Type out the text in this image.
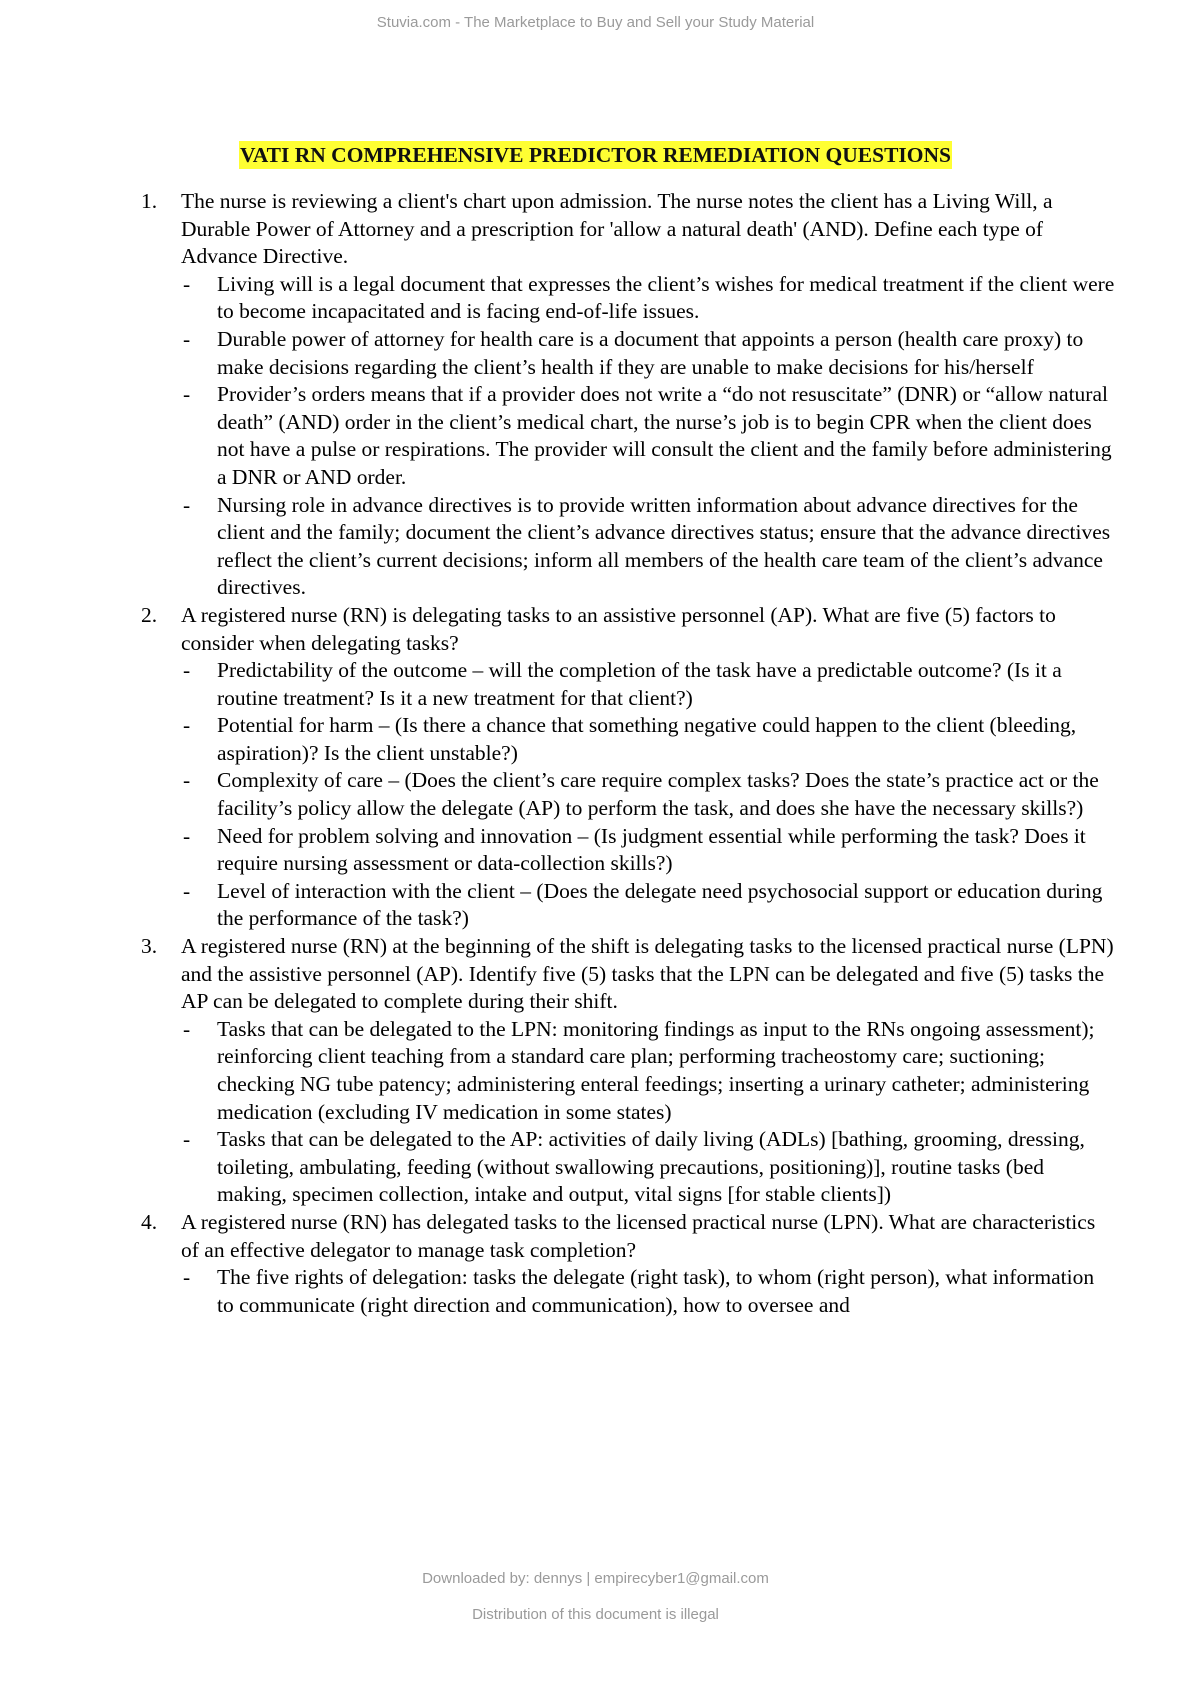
Stuvia.com - The Marketplace to Buy and Sell your Study Material
VATI RN COMPREHENSIVE PREDICTOR REMEDIATION QUESTIONS
1. The nurse is reviewing a client's chart upon admission. The nurse notes the client has a Living Will, a Durable Power of Attorney and a prescription for 'allow a natural death' (AND). Define each type of Advance Directive.
- Living will is a legal document that expresses the client’s wishes for medical treatment if the client were to become incapacitated and is facing end-of-life issues.
- Durable power of attorney for health care is a document that appoints a person (health care proxy) to make decisions regarding the client’s health if they are unable to make decisions for his/herself
- Provider’s orders means that if a provider does not write a “do not resuscitate” (DNR) or “allow natural death” (AND) order in the client’s medical chart, the nurse’s job is to begin CPR when the client does not have a pulse or respirations. The provider will consult the client and the family before administering a DNR or AND order.
- Nursing role in advance directives is to provide written information about advance directives for the client and the family; document the client’s advance directives status; ensure that the advance directives reflect the client’s current decisions; inform all members of the health care team of the client’s advance directives.
2. A registered nurse (RN) is delegating tasks to an assistive personnel (AP). What are five (5) factors to consider when delegating tasks?
- Predictability of the outcome – will the completion of the task have a predictable outcome? (Is it a routine treatment? Is it a new treatment for that client?)
- Potential for harm – (Is there a chance that something negative could happen to the client (bleeding, aspiration)? Is the client unstable?)
- Complexity of care – (Does the client’s care require complex tasks? Does the state’s practice act or the facility’s policy allow the delegate (AP) to perform the task, and does she have the necessary skills?)
- Need for problem solving and innovation – (Is judgment essential while performing the task? Does it require nursing assessment or data-collection skills?)
- Level of interaction with the client – (Does the delegate need psychosocial support or education during the performance of the task?)
3. A registered nurse (RN) at the beginning of the shift is delegating tasks to the licensed practical nurse (LPN) and the assistive personnel (AP). Identify five (5) tasks that the LPN can be delegated and five (5) tasks the AP can be delegated to complete during their shift.
- Tasks that can be delegated to the LPN: monitoring findings as input to the RNs ongoing assessment); reinforcing client teaching from a standard care plan; performing tracheostomy care; suctioning; checking NG tube patency; administering enteral feedings; inserting a urinary catheter; administering medication (excluding IV medication in some states)
- Tasks that can be delegated to the AP: activities of daily living (ADLs) [bathing, grooming, dressing, toileting, ambulating, feeding (without swallowing precautions, positioning)], routine tasks (bed making, specimen collection, intake and output, vital signs [for stable clients])
4. A registered nurse (RN) has delegated tasks to the licensed practical nurse (LPN). What are characteristics of an effective delegator to manage task completion?
- The five rights of delegation: tasks the delegate (right task), to whom (right person), what information to communicate (right direction and communication), how to oversee and
Downloaded by: dennys | empirecyber1@gmail.com
Distribution of this document is illegal
